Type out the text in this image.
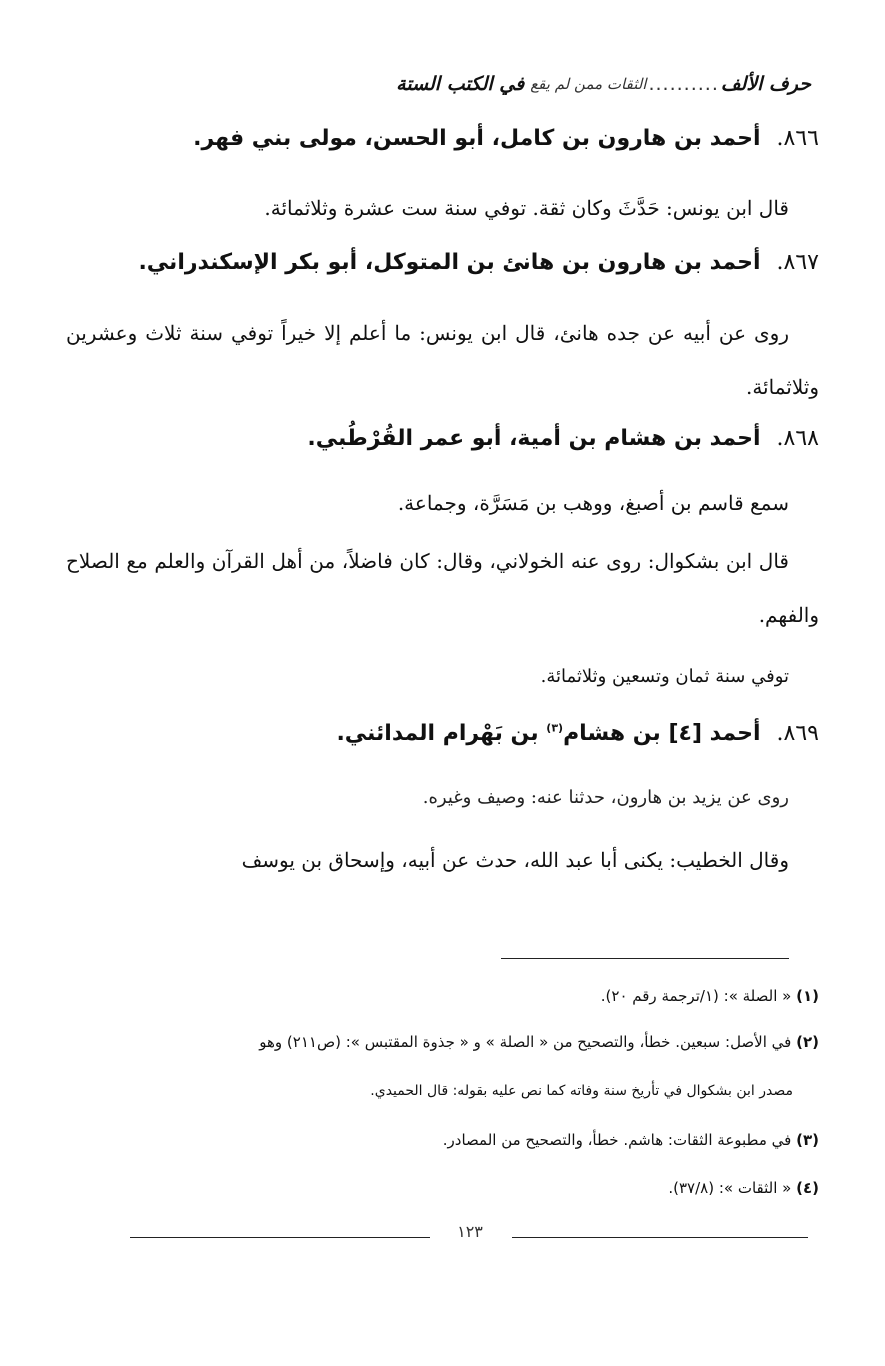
حرف الألف
..........
الثقات ممن لم يقع
في الكتب الستة
٨٦٦.أحمد بن هارون بن كامل، أبو الحسن، مولى بني فهر.
قال ابن يونس: حَدَّثَ وكان ثقة. توفي سنة ست عشرة وثلاثمائة.
٨٦٧.أحمد بن هارون بن هانئ بن المتوكل، أبو بكر الإسكندراني.
روى عن أبيه عن جده هانئ، قال ابن يونس: ما أعلم إلا خيراً توفي سنة ثلاث وعشرين وثلاثمائة.
٨٦٨.أحمد بن هشام بن أمية، أبو عمر القُرْطُبي.
سمع قاسم بن أصبغ، ووهب بن مَسَرَّة، وجماعة.
قال ابن بشكوال: روى عنه الخولاني، وقال: كان فاضلاً، من أهل القرآن والعلم مع الصلاح والفهم.
توفي سنة ثمان وتسعين وثلاثمائة.
٨٦٩.أحمد [٤] بن هشام$^{(٣)}$ بن بَهْرام المدائني.
روى عن يزيد بن هارون، حدثنا عنه: وصيف وغيره.
وقال الخطيب: يكنى أبا عبد الله، حدث عن أبيه، وإسحاق بن يوسف
(١) « الصلة »: (١/ترجمة رقم ٢٠).
(٢) في الأصل: سبعين. خطأ، والتصحيح من « الصلة » و « جذوة المقتبس »: (ص٢١١) وهو
مصدر ابن بشكوال في تأريخ سنة وفاته كما نص عليه بقوله: قال الحميدي.
(٣) في مطبوعة الثقات: هاشم. خطأ، والتصحيح من المصادر.
(٤) « الثقات »: (٣٧/٨).
١٢٣
